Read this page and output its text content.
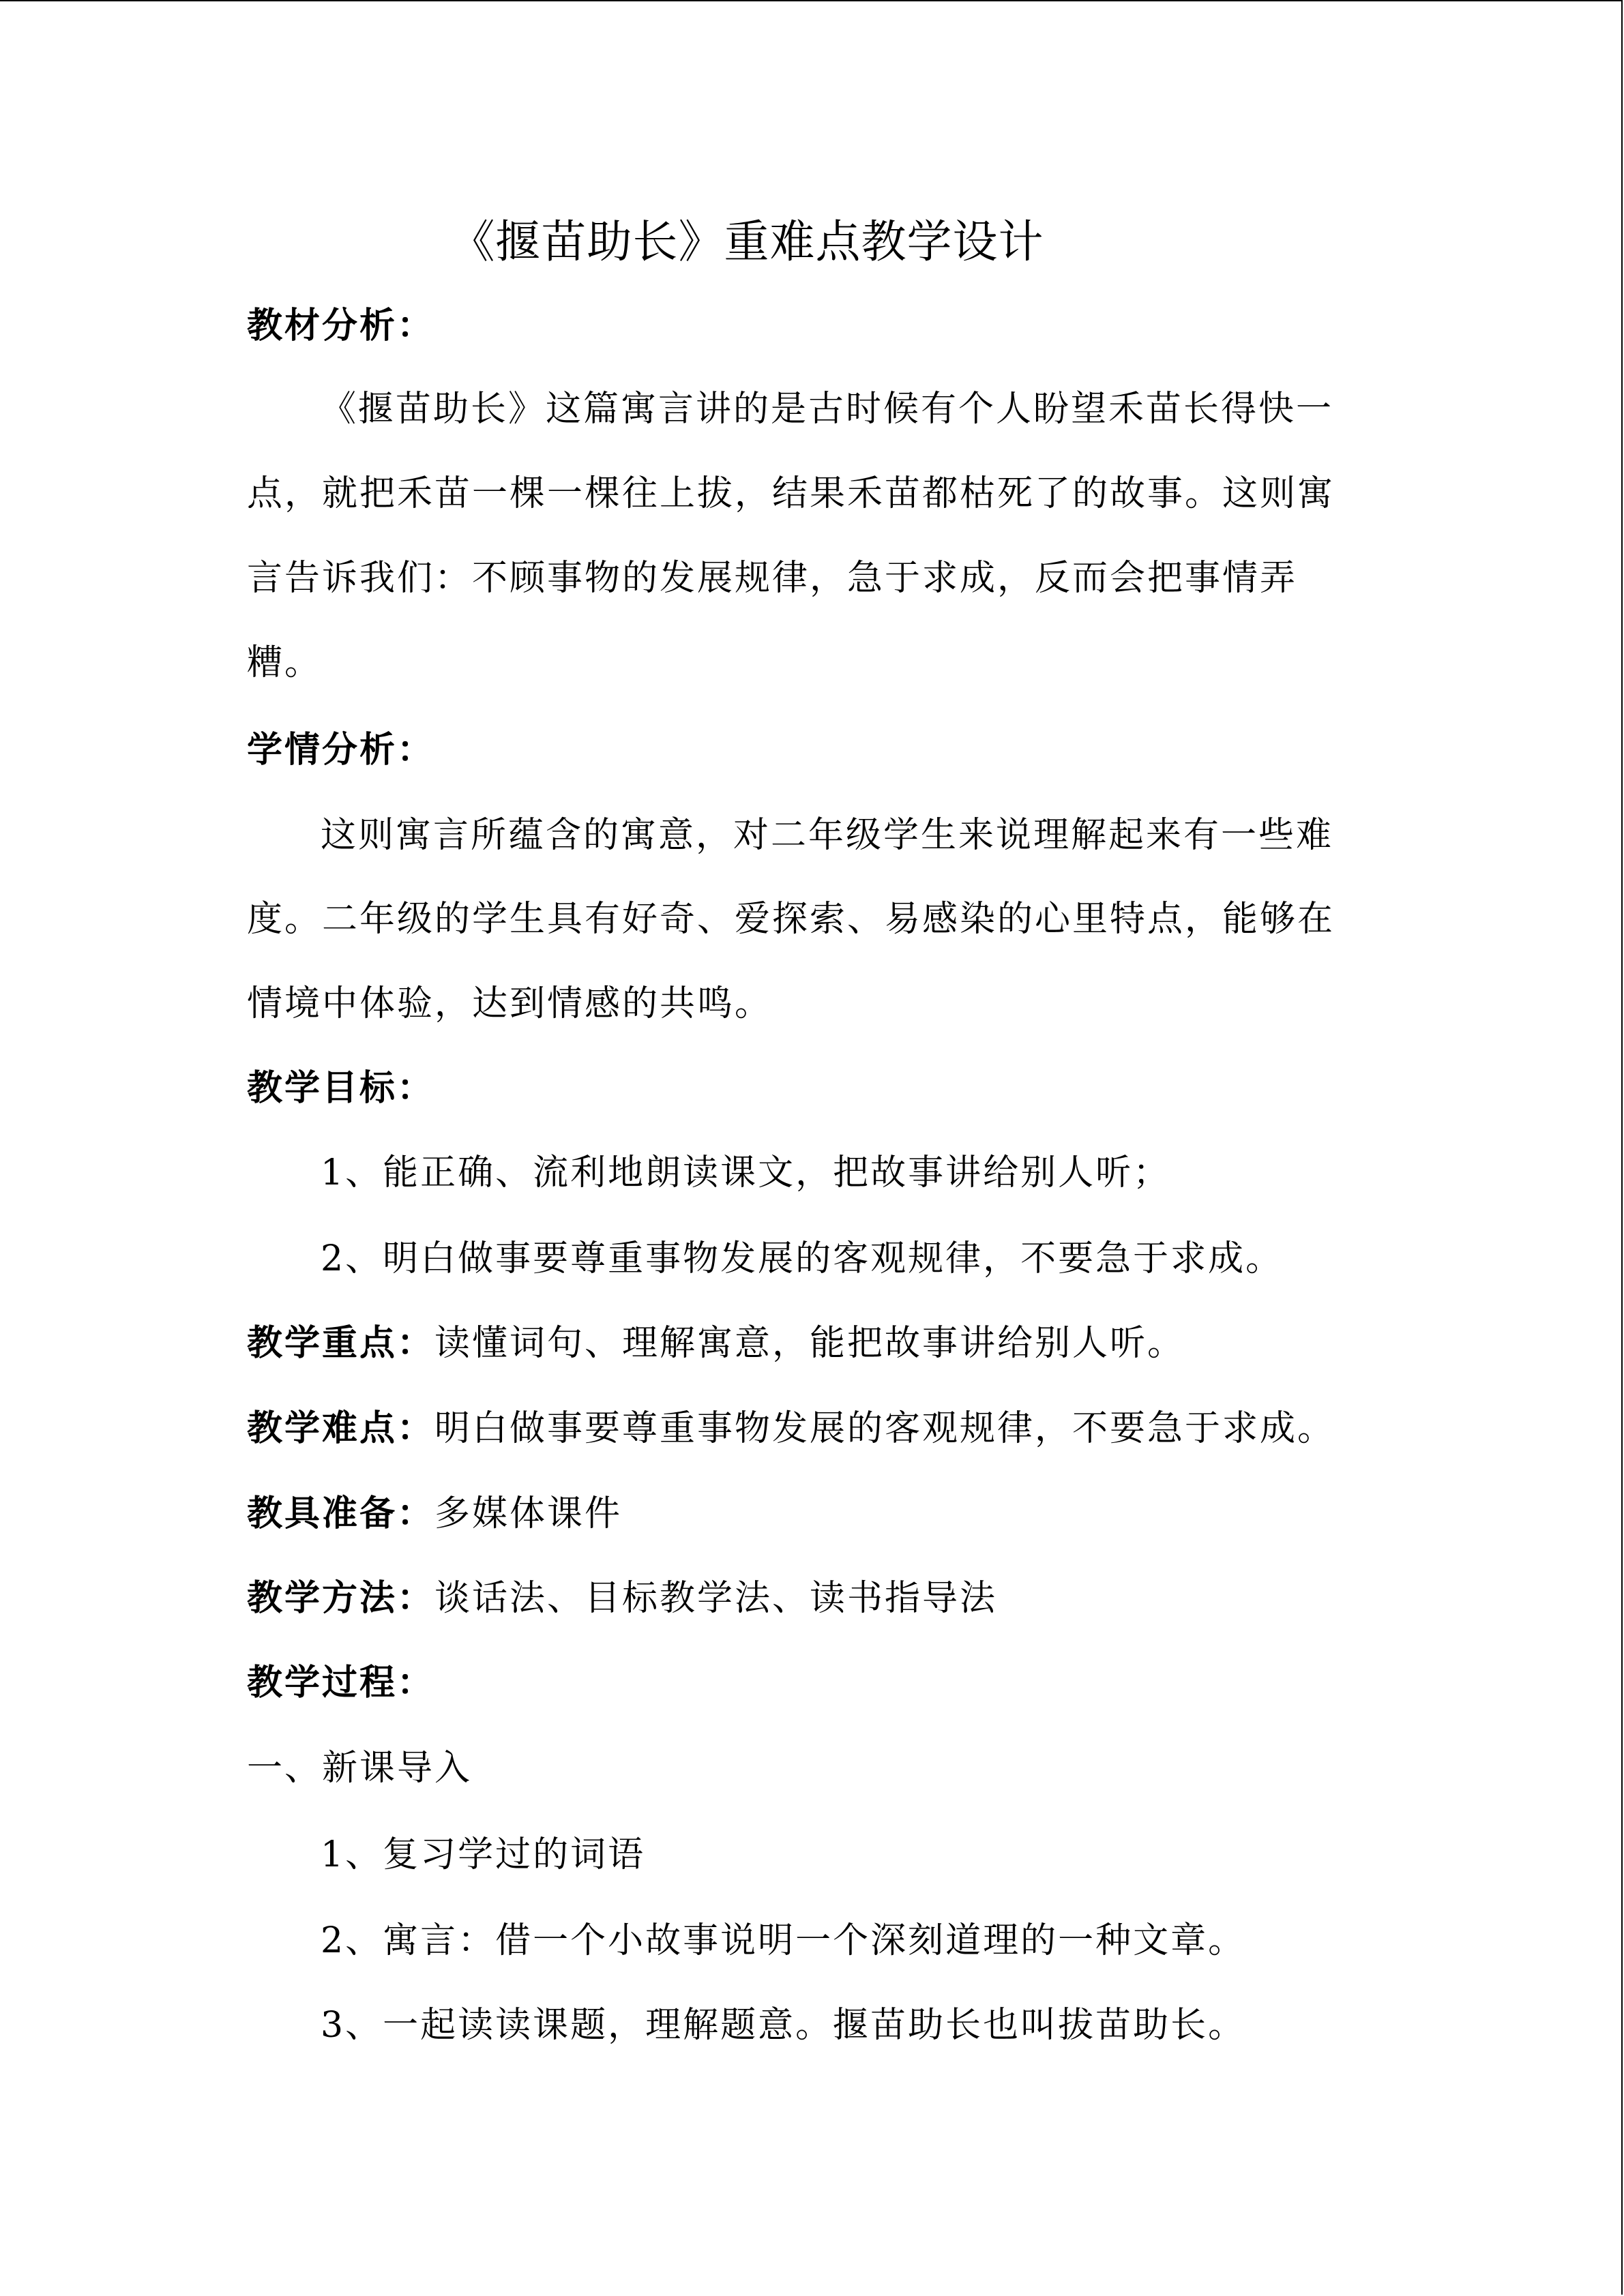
《揠苗助长》重难点教学设计
教材分析：
《揠苗助长》这篇寓言讲的是古时候有个人盼望禾苗长得快一
点，就把禾苗一棵一棵往上拔，结果禾苗都枯死了的故事。这则寓
言告诉我们：不顾事物的发展规律，急于求成，反而会把事情弄
糟。
学情分析：
这则寓言所蕴含的寓意，对二年级学生来说理解起来有一些难
度。二年级的学生具有好奇、爱探索、易感染的心里特点，能够在
情境中体验，达到情感的共鸣。
教学目标：
1、能正确、流利地朗读课文，把故事讲给别人听；
2、明白做事要尊重事物发展的客观规律，不要急于求成。
教学重点：读懂词句、理解寓意，能把故事讲给别人听。
教学难点：明白做事要尊重事物发展的客观规律，不要急于求成。
教具准备：多媒体课件
教学方法：谈话法、目标教学法、读书指导法
教学过程：
一、新课导入
1、复习学过的词语
2、寓言：借一个小故事说明一个深刻道理的一种文章。
3、一起读读课题，理解题意。揠苗助长也叫拔苗助长。
